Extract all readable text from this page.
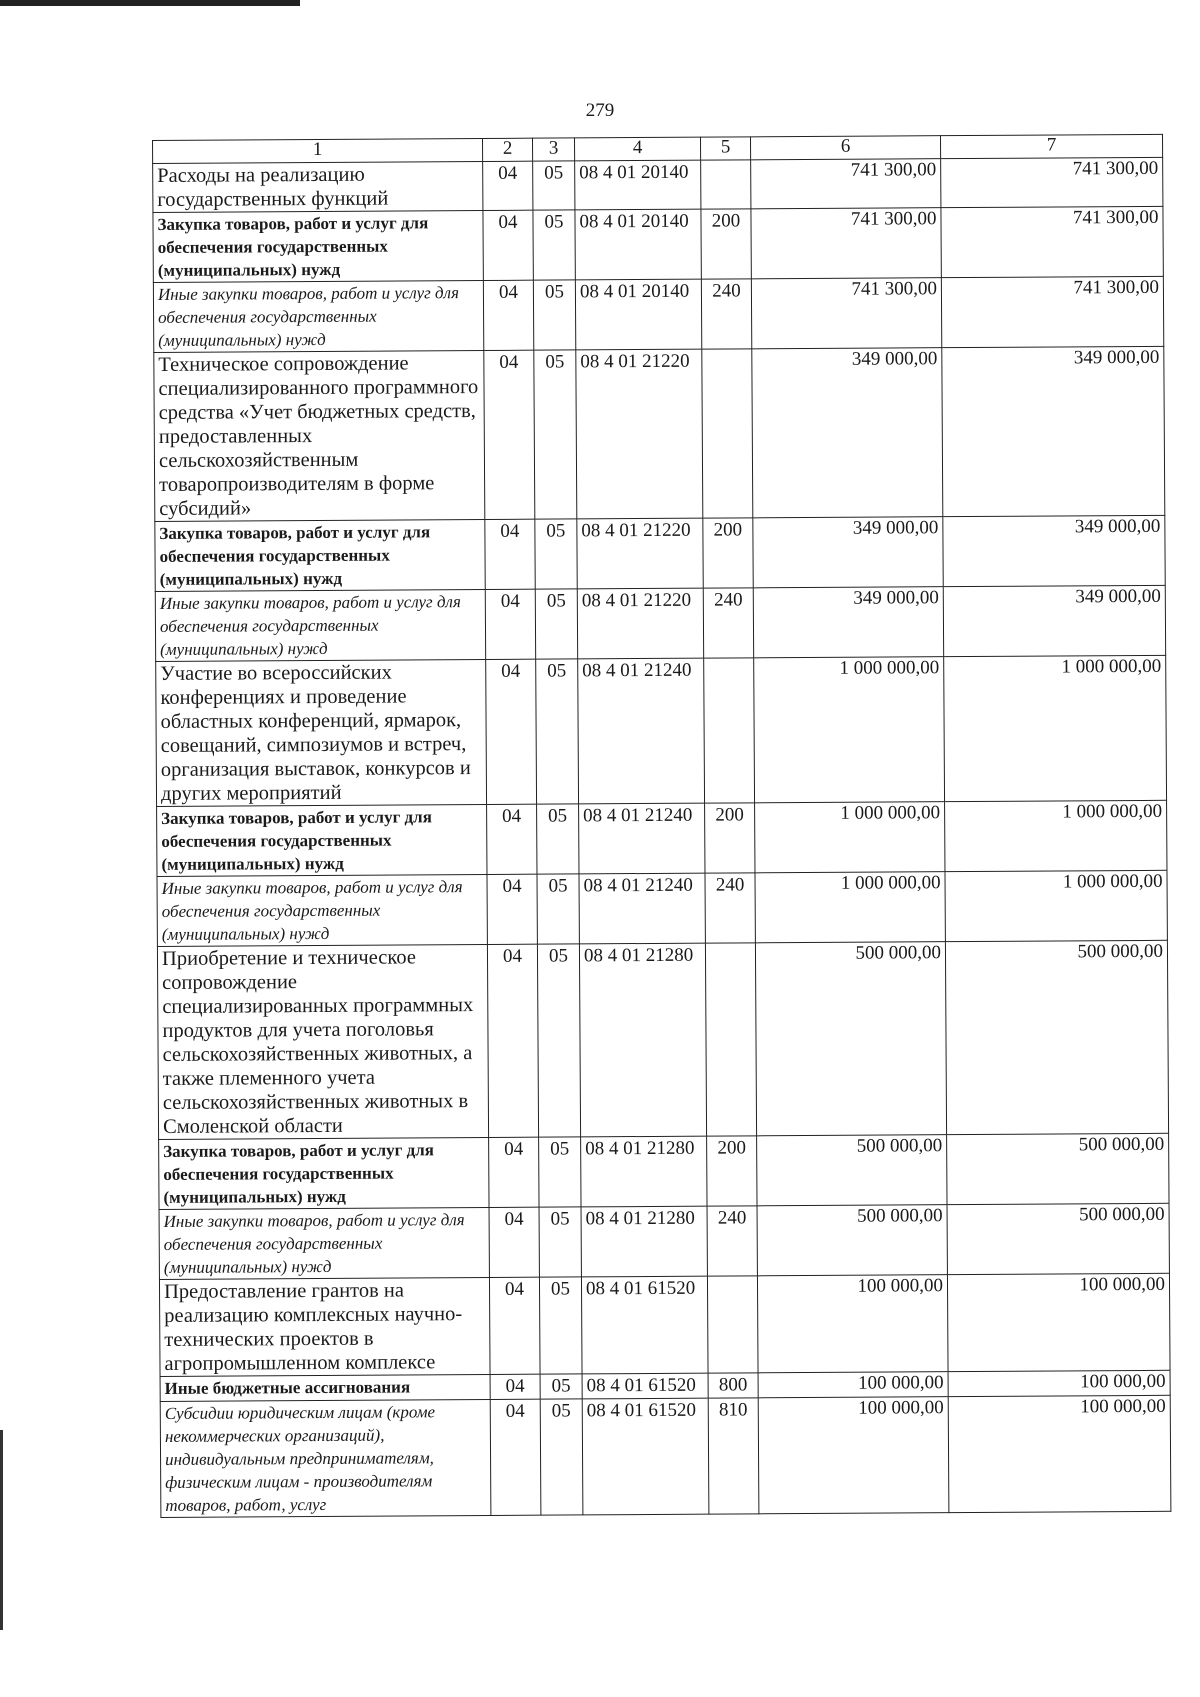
279
1	2	3	4	5	6	7
Расходы на реализацию государственных функций	04	05	08 4 01 20140		741 300,00	741 300,00
Закупка товаров, работ и услуг для обеспечения государственных (муниципальных) нужд	04	05	08 4 01 20140	200	741 300,00	741 300,00
Иные закупки товаров, работ и услуг для обеспечения государственных (муниципальных) нужд	04	05	08 4 01 20140	240	741 300,00	741 300,00
Техническое сопровождение специализированного программного средства «Учет бюджетных средств, предоставленных сельскохозяйственным товаропроизводителям в форме субсидий»	04	05	08 4 01 21220		349 000,00	349 000,00
Закупка товаров, работ и услуг для обеспечения государственных (муниципальных) нужд	04	05	08 4 01 21220	200	349 000,00	349 000,00
Иные закупки товаров, работ и услуг для обеспечения государственных (муниципальных) нужд	04	05	08 4 01 21220	240	349 000,00	349 000,00
Участие во всероссийских конференциях и проведение областных конференций, ярмарок, совещаний, симпозиумов и встреч, организация выставок, конкурсов и других мероприятий	04	05	08 4 01 21240		1 000 000,00	1 000 000,00
Закупка товаров, работ и услуг для обеспечения государственных (муниципальных) нужд	04	05	08 4 01 21240	200	1 000 000,00	1 000 000,00
Иные закупки товаров, работ и услуг для обеспечения государственных (муниципальных) нужд	04	05	08 4 01 21240	240	1 000 000,00	1 000 000,00
Приобретение и техническое сопровождение специализированных программных продуктов для учета поголовья сельскохозяйственных животных, а также племенного учета сельскохозяйственных животных в Смоленской области	04	05	08 4 01 21280		500 000,00	500 000,00
Закупка товаров, работ и услуг для обеспечения государственных (муниципальных) нужд	04	05	08 4 01 21280	200	500 000,00	500 000,00
Иные закупки товаров, работ и услуг для обеспечения государственных (муниципальных) нужд	04	05	08 4 01 21280	240	500 000,00	500 000,00
Предоставление грантов на реализацию комплексных научно-технических проектов в агропромышленном комплексе	04	05	08 4 01 61520		100 000,00	100 000,00
Иные бюджетные ассигнования	04	05	08 4 01 61520	800	100 000,00	100 000,00
Субсидии юридическим лицам (кроме некоммерческих организаций), индивидуальным предпринимателям, физическим лицам - производителям товаров, работ, услуг	04	05	08 4 01 61520	810	100 000,00	100 000,00
